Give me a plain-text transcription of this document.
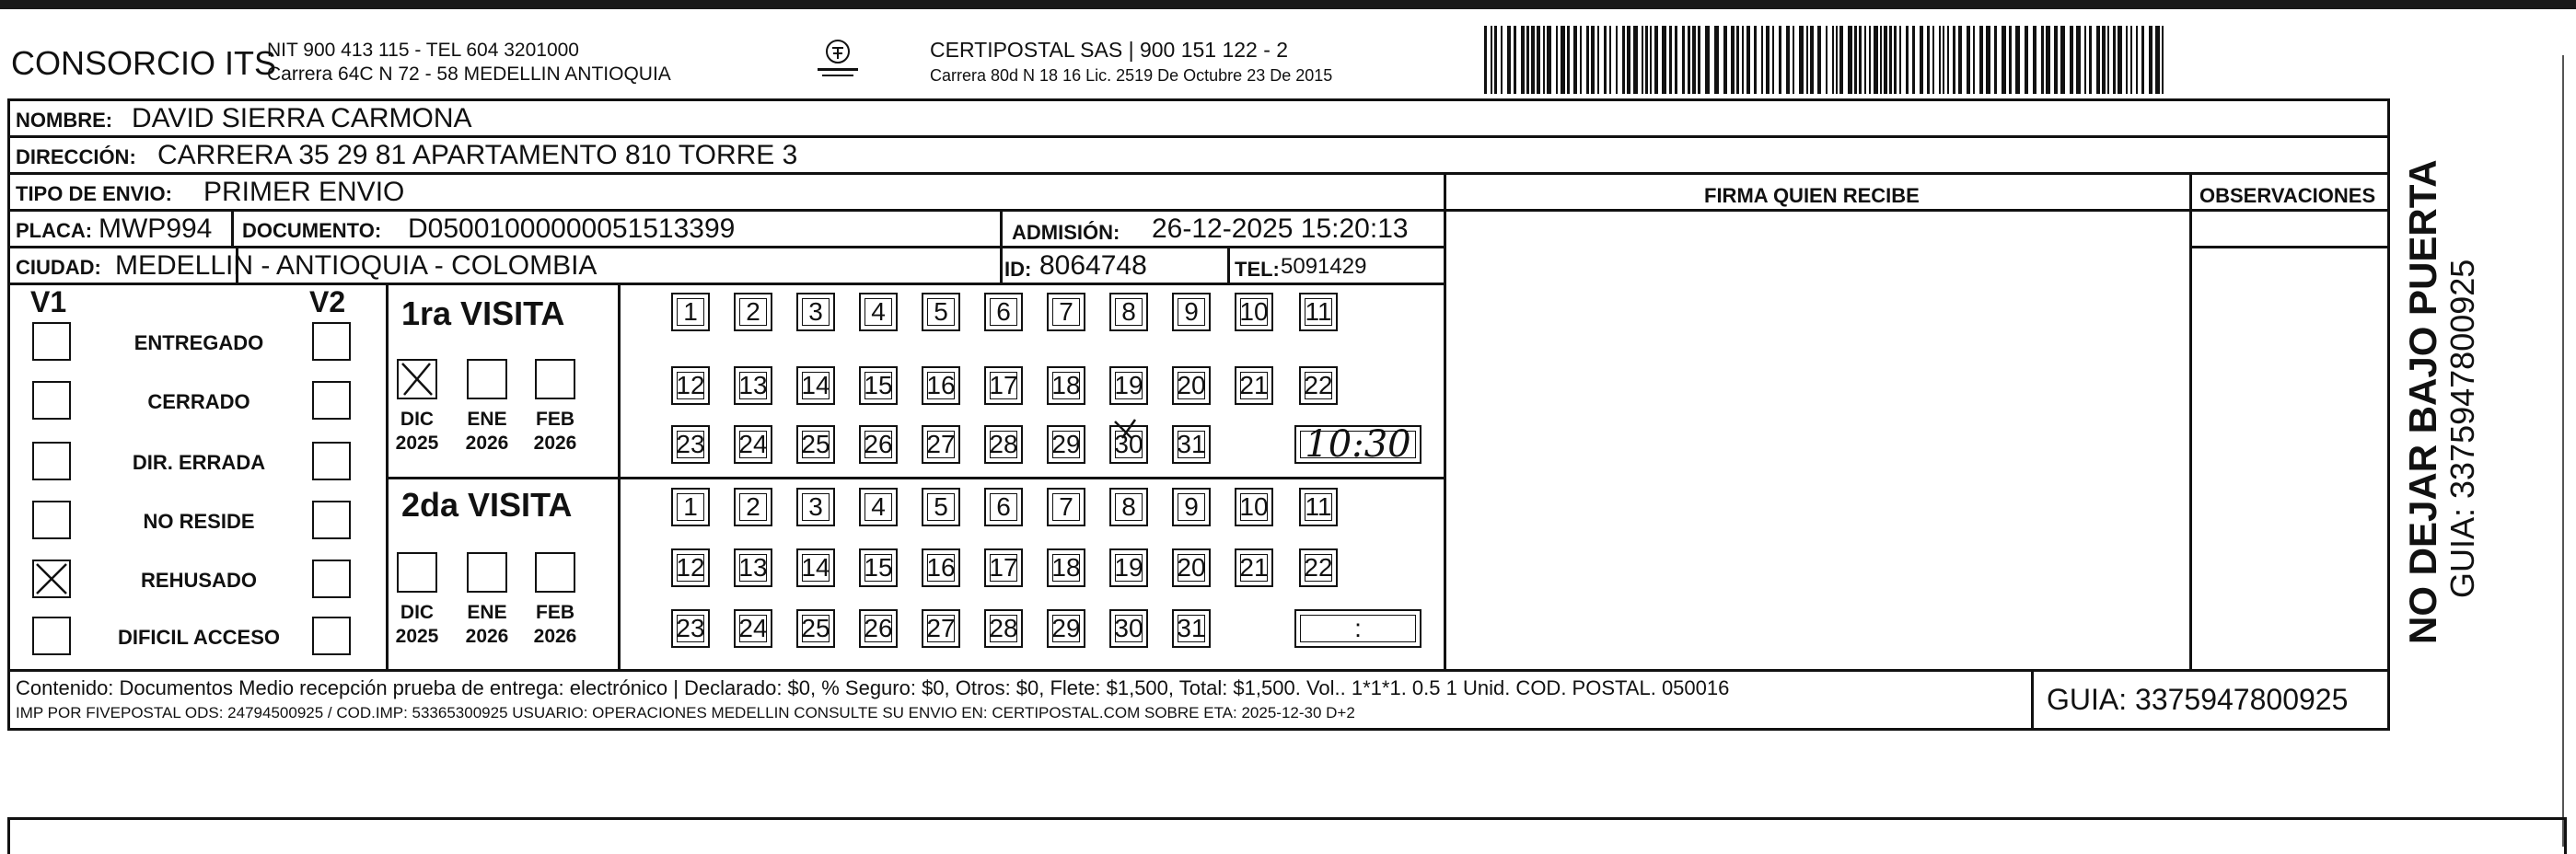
CONSORCIO ITS
NIT 900 413 115 - TEL 604 3201000
Carrera 64C N 72 - 58 MEDELLIN ANTIOQUIA
CERTIPOSTAL SAS | 900 151 122 - 2
Carrera 80d N 18 16 Lic. 2519 De Octubre 23 De 2015
NOMBRE: DAVID SIERRA CARMONA
DIRECCIÓN: CARRERA 35 29 81 APARTAMENTO 810 TORRE 3
TIPO DE ENVIO: PRIMER ENVIO	FIRMA QUIEN RECIBE	OBSERVACIONES
PLACA: MWP994 DOCUMENTO: D05001000000051513399	ADMISIÓN: 26-12-2025 15:20:13
CIUDAD: MEDELLIN - ANTIOQUIA - COLOMBIA	ID: 8064748	TEL: 5091429
V1	V2
ENTREGADO
CERRADO
DIR. ERRADA
NO RESIDE
REHUSADO
DIFICIL ACCESO
1ra VISITA
2da VISITA
DIC
2025
ENE
2026
FEB
2026
DIC
2025
ENE
2026
FEB
2026
1 2 3 4 5 6 7 8 9 10 11
12 13 14 15 16 17 18 19 20 21 22
23 24 25 26 27 28 29 30 31	10:30
1 2 3 4 5 6 7 8 9 10 11
12 13 14 15 16 17 18 19 20 21 22
23 24 25 26 27 28 29 30 31	:
Contenido: Documentos Medio recepción prueba de entrega: electrónico | Declarado: $0, % Seguro: $0, Otros: $0, Flete: $1,500, Total: $1,500. Vol.. 1*1*1. 0.5 1 Unid. COD. POSTAL. 050016
IMP POR FIVEPOSTAL ODS: 24794500925 / COD.IMP: 53365300925 USUARIO: OPERACIONES MEDELLIN CONSULTE SU ENVIO EN: CERTIPOSTAL.COM SOBRE ETA: 2025-12-30 D+2	GUIA: 3375947800925
NO DEJAR BAJO PUERTA GUIA: 3375947800925
